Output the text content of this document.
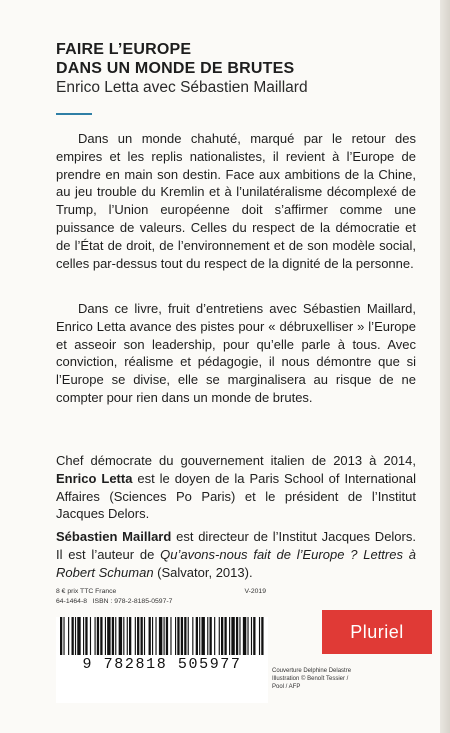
FAIRE L’EUROPE
DANS UN MONDE DE BRUTES
Enrico Letta avec Sébastien Maillard

Dans un monde chahuté, marqué par le retour des empires et les replis nationalistes, il revient à l’Europe de prendre en main son destin. Face aux ambitions de la Chine, au jeu trouble du Kremlin et à l’unilatéralisme décomplexé de Trump, l’Union européenne doit s’affirmer comme une puissance de valeurs. Celles du respect de la démocratie et de l’État de droit, de l’environnement et de son modèle social, celles par-dessus tout du respect de la dignité de la personne.

Dans ce livre, fruit d’entretiens avec Sébastien Maillard, Enrico Letta avance des pistes pour « débruxelliser » l’Europe et asseoir son leadership, pour qu’elle parle à tous. Avec conviction, réalisme et pédagogie, il nous démontre que si l’Europe se divise, elle se marginalisera au risque de ne compter pour rien dans un monde de brutes.

Chef démocrate du gouvernement italien de 2013 à 2014, Enrico Letta est le doyen de la Paris School of International Affaires (Sciences Po Paris) et le président de l’Institut Jacques Delors.

Sébastien Maillard est directeur de l’Institut Jacques Delors. Il est l’auteur de Qu’avons-nous fait de l’Europe ? Lettres à Robert Schuman (Salvator, 2013).

8 € prix TTC France	V-2019
64-1464-8 ISBN : 978-2-8185-0597-7
9 782818 505977	Couverture Delphine Delastre
Illustration © Benoît Tessier / Pool / AFP
Pluriel
